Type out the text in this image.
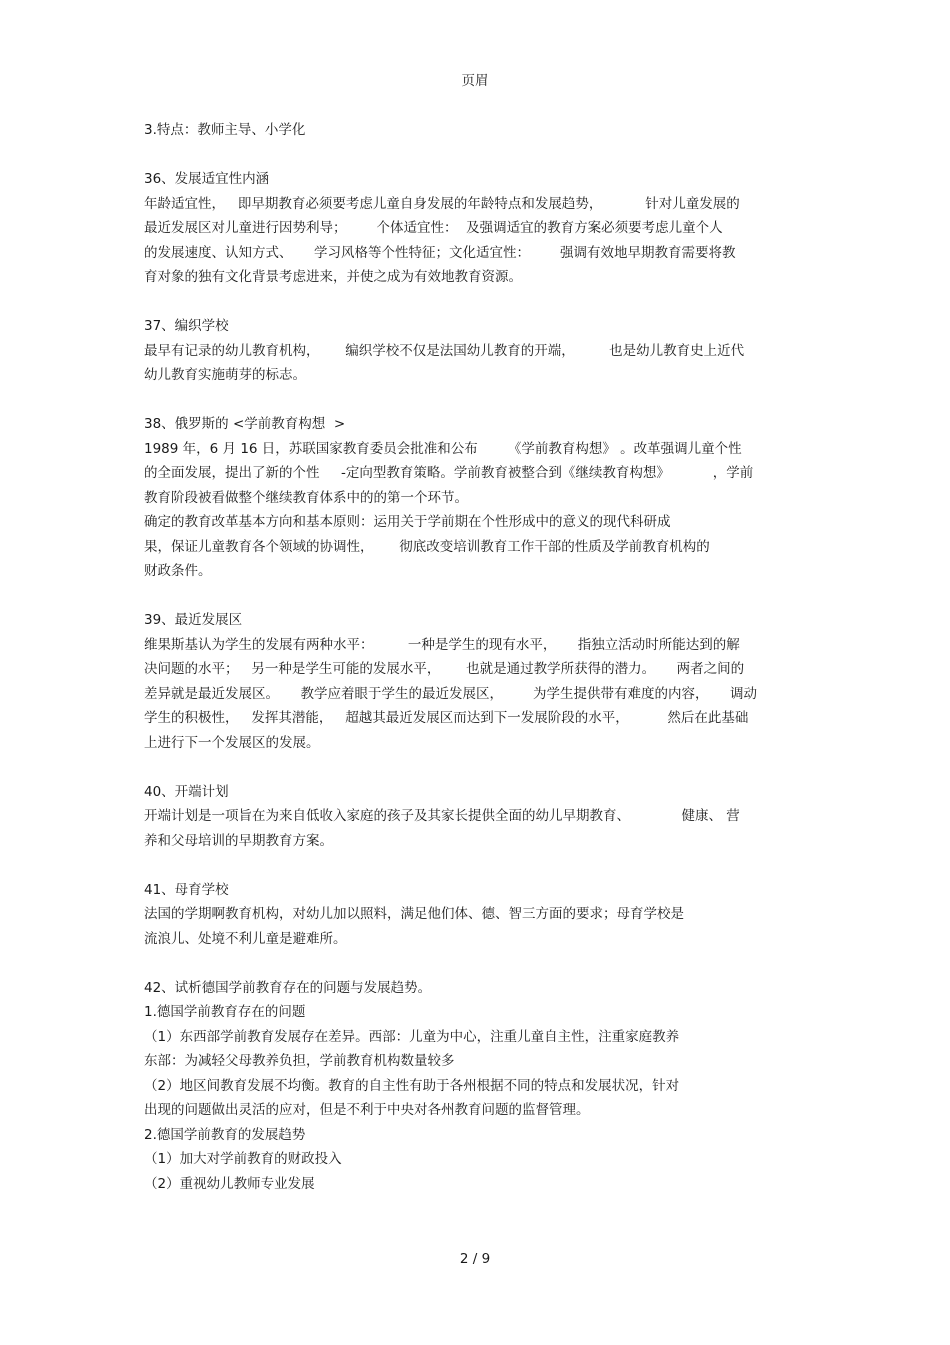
页眉
3.特点：教师主导、小学化
36、发展适宜性内涵
年龄适宜性，   即早期教育必须要考虑儿童自身发展的年龄特点和发展趋势，          针对儿童发展的
最近发展区对儿童进行因势利导；       个体适宜性：  及强调适宜的教育方案必须要考虑儿童个人
的发展速度、认知方式、     学习风格等个性特征；文化适宜性：       强调有效地早期教育需要将教
育对象的独有文化背景考虑进来，并使之成为有效地教育资源。
37、编织学校
最早有记录的幼儿教育机构，      编织学校不仅是法国幼儿教育的开端，        也是幼儿教育史上近代
幼儿教育实施萌芽的标志。
38、俄罗斯的 <学前教育构想  >
1989 年，6 月 16 日，苏联国家教育委员会批准和公布       《学前教育构想》 。改革强调儿童个性
的全面发展，提出了新的个性     -定向型教育策略。学前教育被整合到《继续教育构想》          ，学前
教育阶段被看做整个继续教育体系中的的第一个环节。
确定的教育改革基本方向和基本原则：运用关于学前期在个性形成中的意义的现代科研成
果，保证儿童教育各个领域的协调性，      彻底改变培训教育工作干部的性质及学前教育机构的
财政条件。
39、最近发展区
维果斯基认为学生的发展有两种水平：        一种是学生的现有水平，     指独立活动时所能达到的解
决问题的水平；   另一种是学生可能的发展水平，      也就是通过教学所获得的潜力。     两者之间的
差异就是最近发展区。     教学应着眼于学生的最近发展区，       为学生提供带有难度的内容，     调动
学生的积极性，   发挥其潜能，   超越其最近发展区而达到下一发展阶段的水平，         然后在此基础
上进行下一个发展区的发展。
40、开端计划
开端计划是一项旨在为来自低收入家庭的孩子及其家长提供全面的幼儿早期教育、            健康、 营
养和父母培训的早期教育方案。
41、母育学校
法国的学期啊教育机构，对幼儿加以照料，满足他们体、德、智三方面的要求；母育学校是
流浪儿、处境不利儿童是避难所。
42、试析德国学前教育存在的问题与发展趋势。
1.德国学前教育存在的问题
（1）东西部学前教育发展存在差异。西部：儿童为中心，注重儿童自主性，注重家庭教养
东部：为减轻父母教养负担，学前教育机构数量较多
（2）地区间教育发展不均衡。教育的自主性有助于各州根据不同的特点和发展状况，针对
出现的问题做出灵活的应对，但是不利于中央对各州教育问题的监督管理。
2.德国学前教育的发展趋势
（1）加大对学前教育的财政投入
（2）重视幼儿教师专业发展
2 / 9
